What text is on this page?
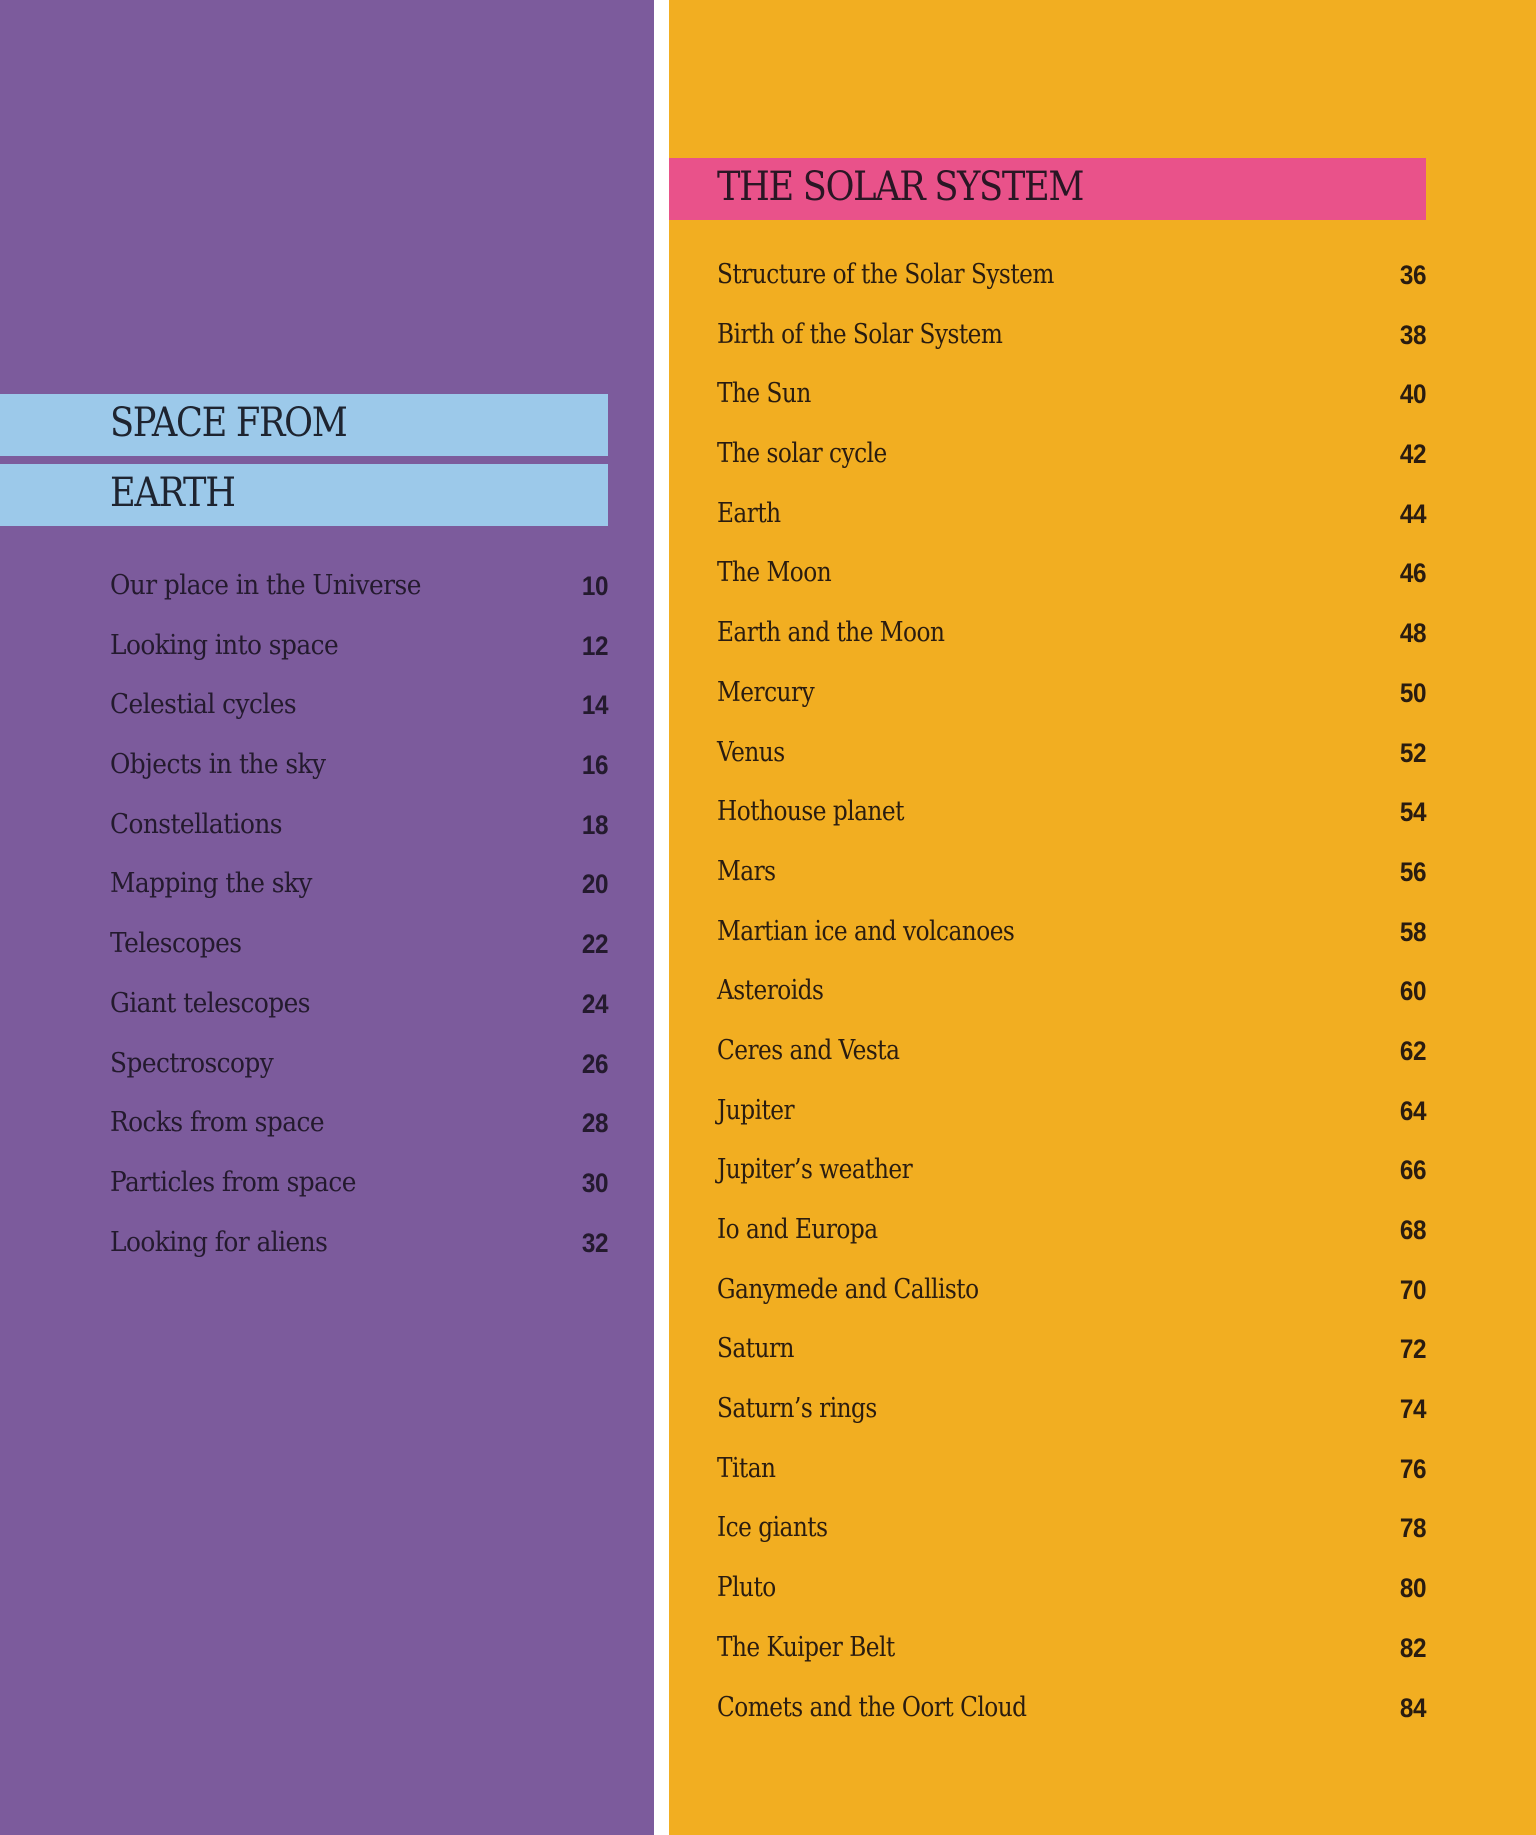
SPACE FROM
EARTH
Our place in the Universe	10
Looking into space	12
Celestial cycles	14
Objects in the sky	16
Constellations	18
Mapping the sky	20
Telescopes	22
Giant telescopes	24
Spectroscopy	26
Rocks from space	28
Particles from space	30
Looking for aliens	32
THE SOLAR SYSTEM
Structure of the Solar System	36
Birth of the Solar System	38
The Sun	40
The solar cycle	42
Earth	44
The Moon	46
Earth and the Moon	48
Mercury	50
Venus	52
Hothouse planet	54
Mars	56
Martian ice and volcanoes	58
Asteroids	60
Ceres and Vesta	62
Jupiter	64
Jupiter’s weather	66
Io and Europa	68
Ganymede and Callisto	70
Saturn	72
Saturn’s rings	74
Titan	76
Ice giants	78
Pluto	80
The Kuiper Belt	82
Comets and the Oort Cloud	84
